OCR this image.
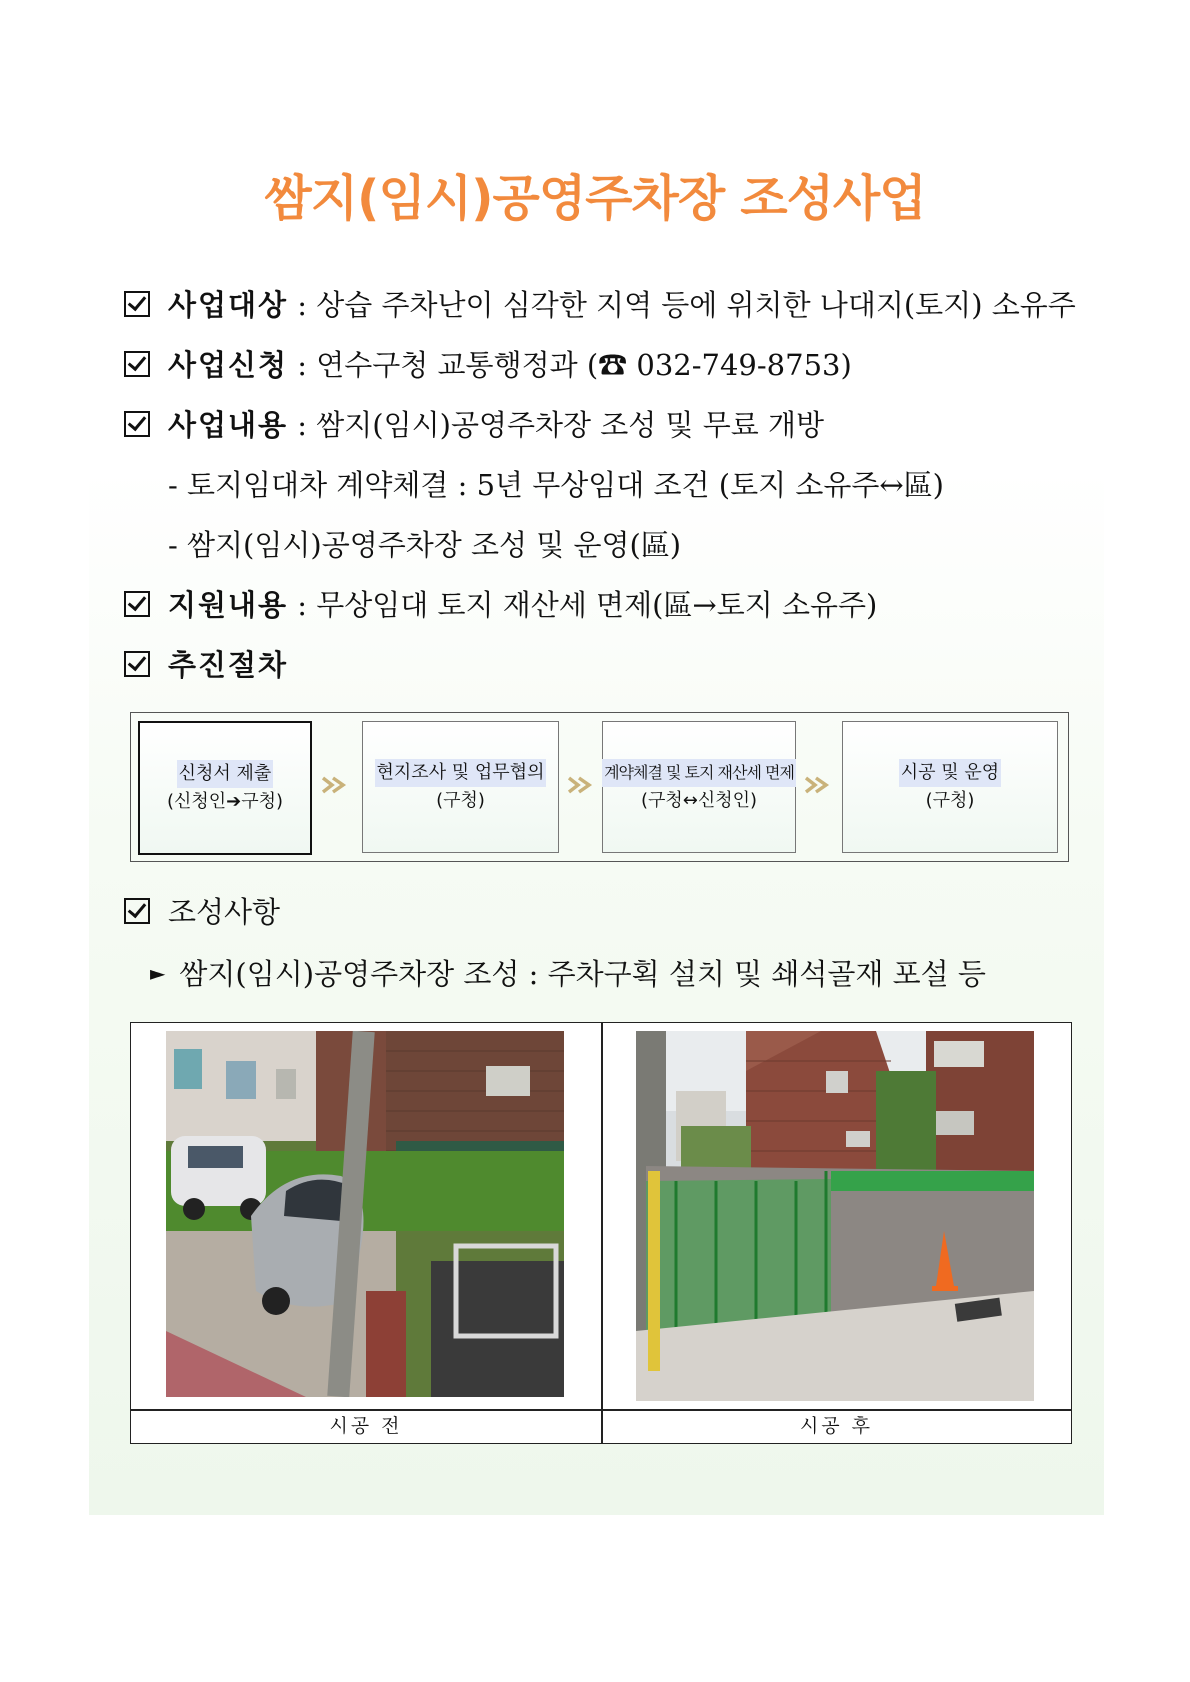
쌈지(임시)공영주차장 조성사업
사업대상 : 상습 주차난이 심각한 지역 등에 위치한 나대지(토지) 소유주
사업신청 : 연수구청 교통행정과 (☎ 032-749-8753)
사업내용 : 쌈지(임시)공영주차장 조성 및 무료 개방
- 토지임대차 계약체결 : 5년 무상임대 조건 (토지 소유주↔區)
- 쌈지(임시)공영주차장 조성 및 운영(區)
지원내용 : 무상임대 토지 재산세 면제(區→토지 소유주)
추진절차
신청서 제출
(신청인➔구청)
현지조사 및 업무협의
(구청)
계약체결 및 토지 재산세 면제
(구청↔신청인)
시공 및 운영
(구청)
조성사항
► 쌈지(임시)공영주차장 조성 : 주차구획 설치 및 쇄석골재 포설 등
시공 전	시공 후
